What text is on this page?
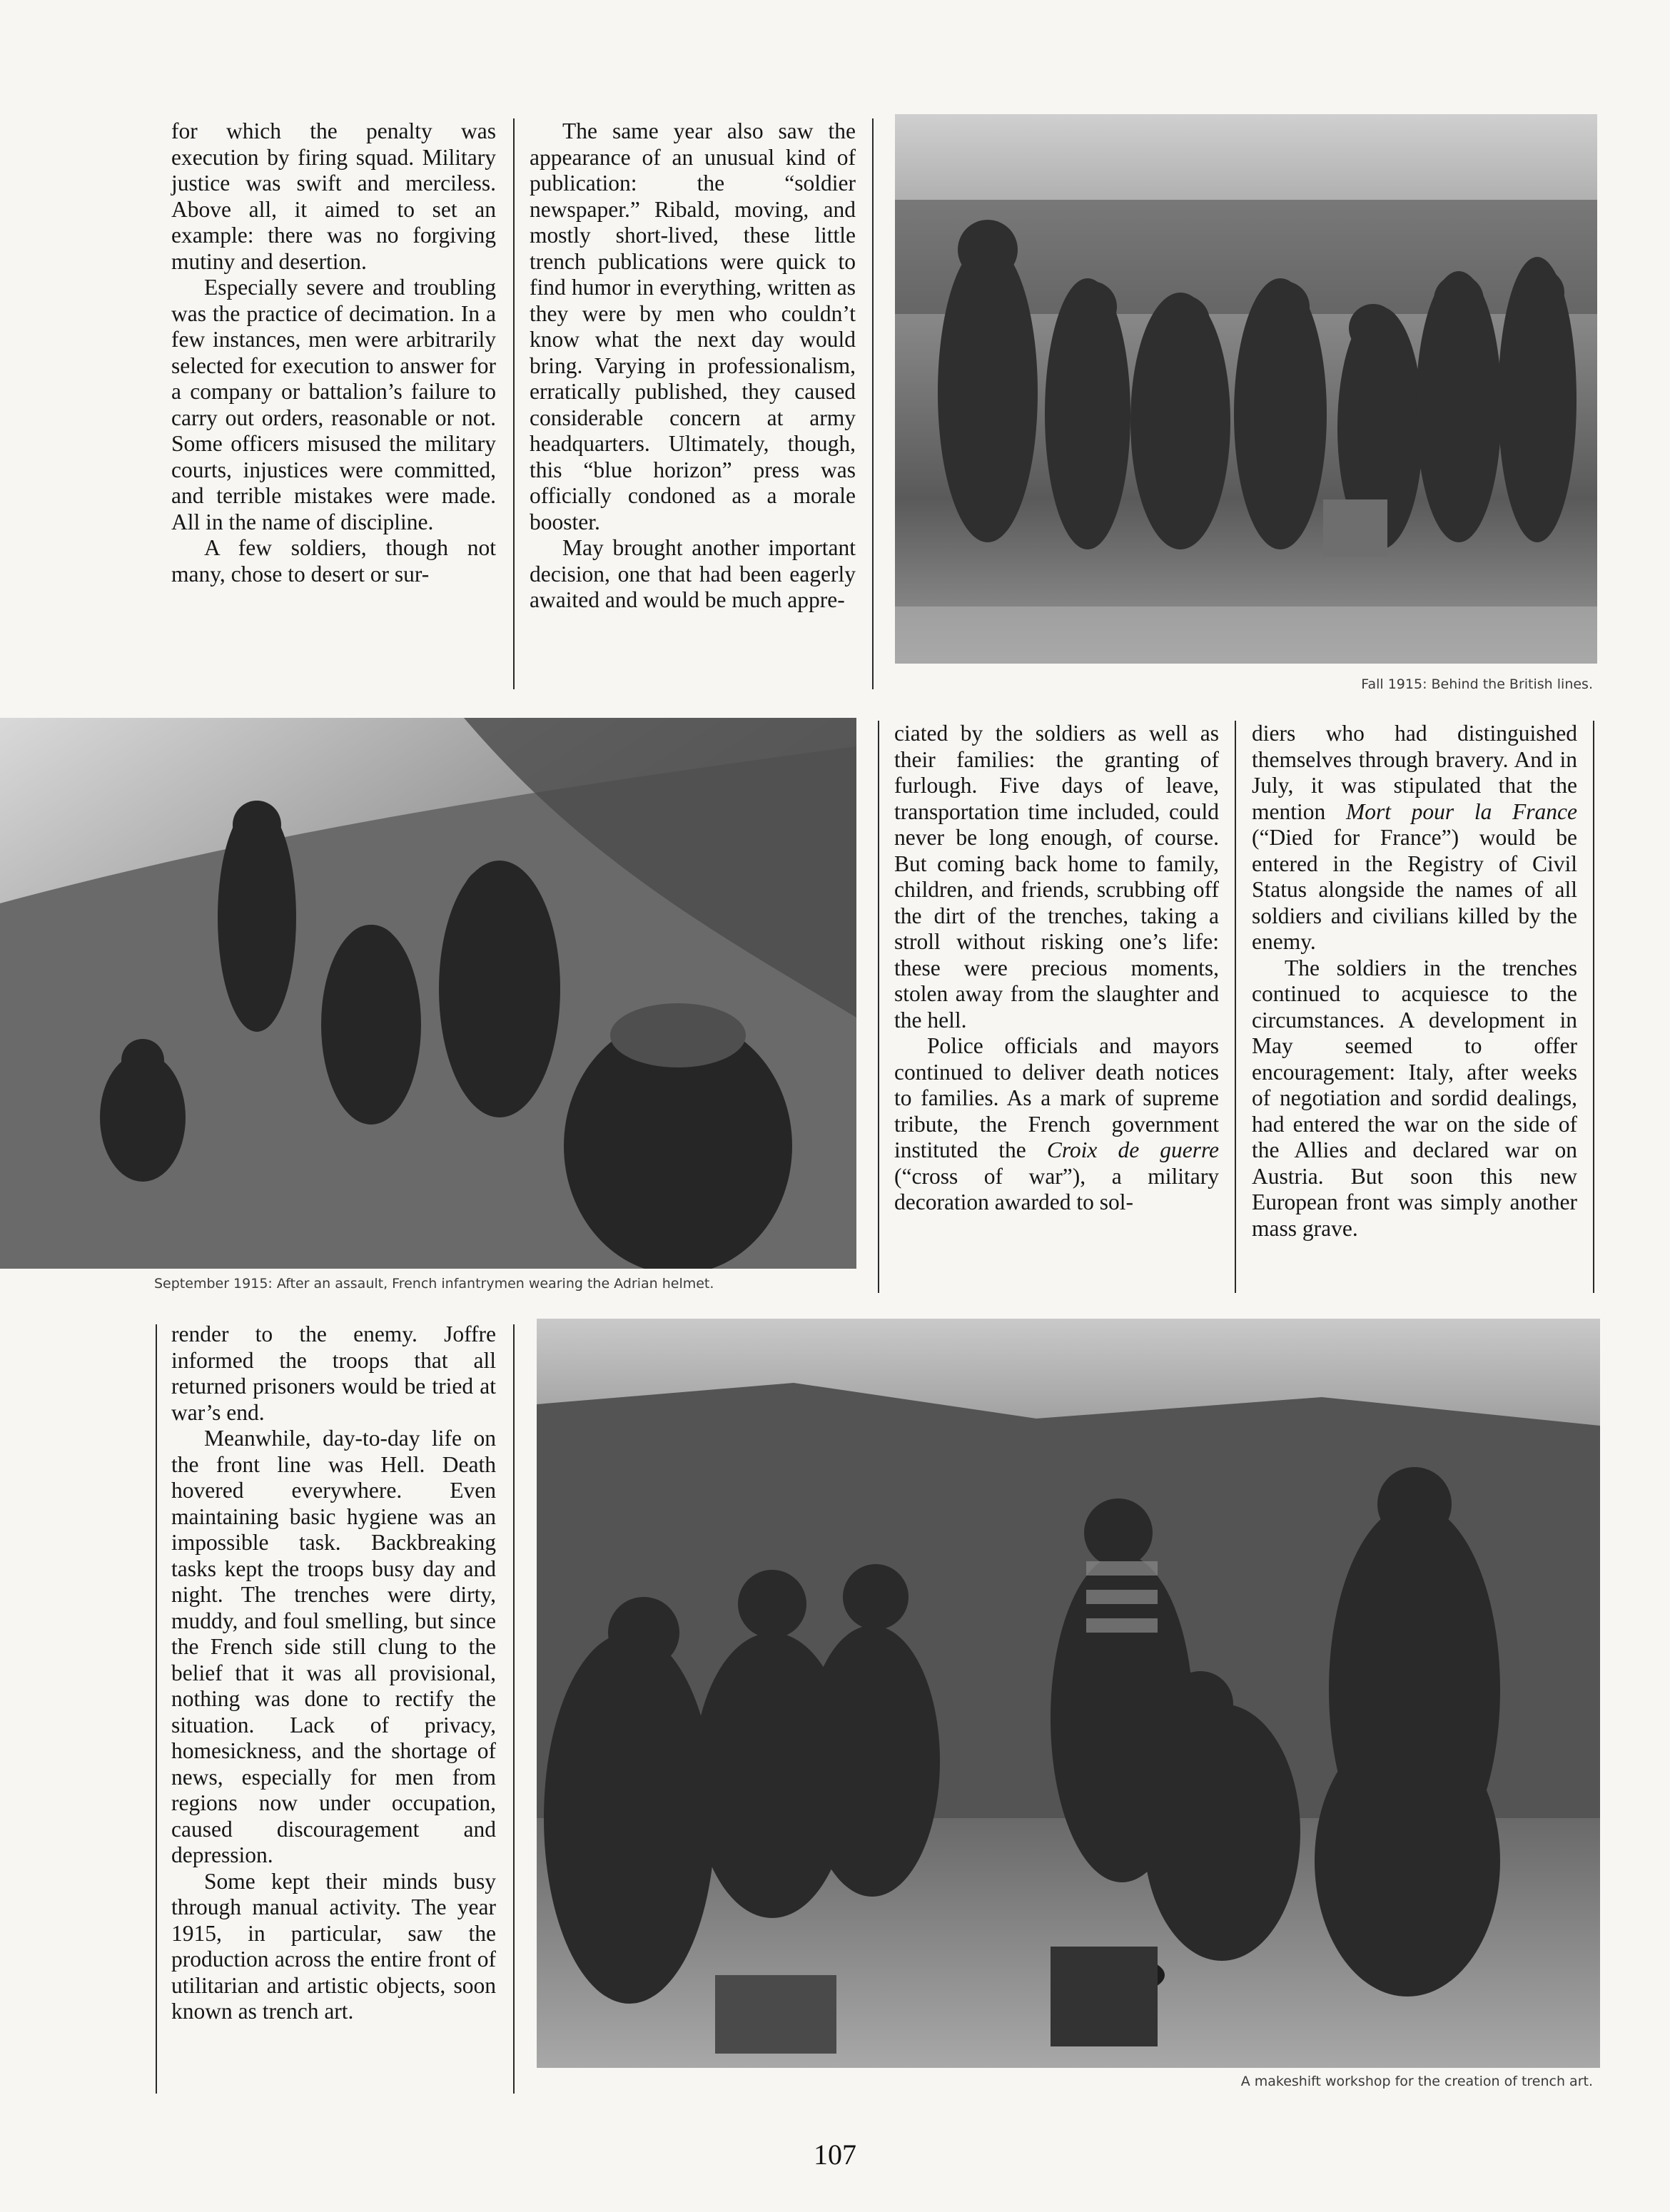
for which the penalty was execution by firing squad. Military justice was swift and merciless. Above all, it aimed to set an example: there was no forgiving mutiny and desertion.

Especially severe and troubling was the practice of decimation. In a few instances, men were arbitrarily selected for execution to answer for a company or battalion’s failure to carry out orders, reasonable or not. Some officers misused the military courts, injustices were committed, and terrible mistakes were made. All in the name of discipline.

A few soldiers, though not many, chose to desert or sur-

The same year also saw the appearance of an unusual kind of publication: the “soldier newspaper.” Ribald, moving, and mostly short-lived, these little trench publications were quick to find humor in everything, written as they were by men who couldn’t know what the next day would bring. Varying in professionalism, erratically published, they caused considerable concern at army headquarters. Ultimately, though, this “blue horizon” press was officially condoned as a morale booster.

May brought another important decision, one that had been eagerly awaited and would be much appre-

Fall 1915: Behind the British lines.
September 1915: After an assault, French infantrymen wearing the Adrian helmet.

ciated by the soldiers as well as their families: the granting of furlough. Five days of leave, transportation time included, could never be long enough, of course. But coming back home to family, children, and friends, scrubbing off the dirt of the trenches, taking a stroll without risking one’s life: these were precious moments, stolen away from the slaughter and the hell.

Police officials and mayors continued to deliver death notices to families. As a mark of supreme tribute, the French government instituted the Croix de guerre (“cross of war”), a military decoration awarded to sol-

diers who had distinguished themselves through bravery. And in July, it was stipulated that the mention Mort pour la France (“Died for France”) would be entered in the Registry of Civil Status alongside the names of all soldiers and civilians killed by the enemy.

The soldiers in the trenches continued to acquiesce to the circumstances. A development in May seemed to offer encouragement: Italy, after weeks of negotiation and sordid dealings, had entered the war on the side of the Allies and declared war on Austria. But soon this new European front was simply another mass grave.

render to the enemy. Joffre informed the troops that all returned prisoners would be tried at war’s end.

Meanwhile, day-to-day life on the front line was Hell. Death hovered everywhere. Even maintaining basic hygiene was an impossible task. Backbreaking tasks kept the troops busy day and night. The trenches were dirty, muddy, and foul smelling, but since the French side still clung to the belief that it was all provisional, nothing was done to rectify the situation. Lack of privacy, homesickness, and the shortage of news, especially for men from regions now under occupation, caused discouragement and depression.

Some kept their minds busy through manual activity. The year 1915, in particular, saw the production across the entire front of utilitarian and artistic objects, soon known as trench art.

A makeshift workshop for the creation of trench art.
107
